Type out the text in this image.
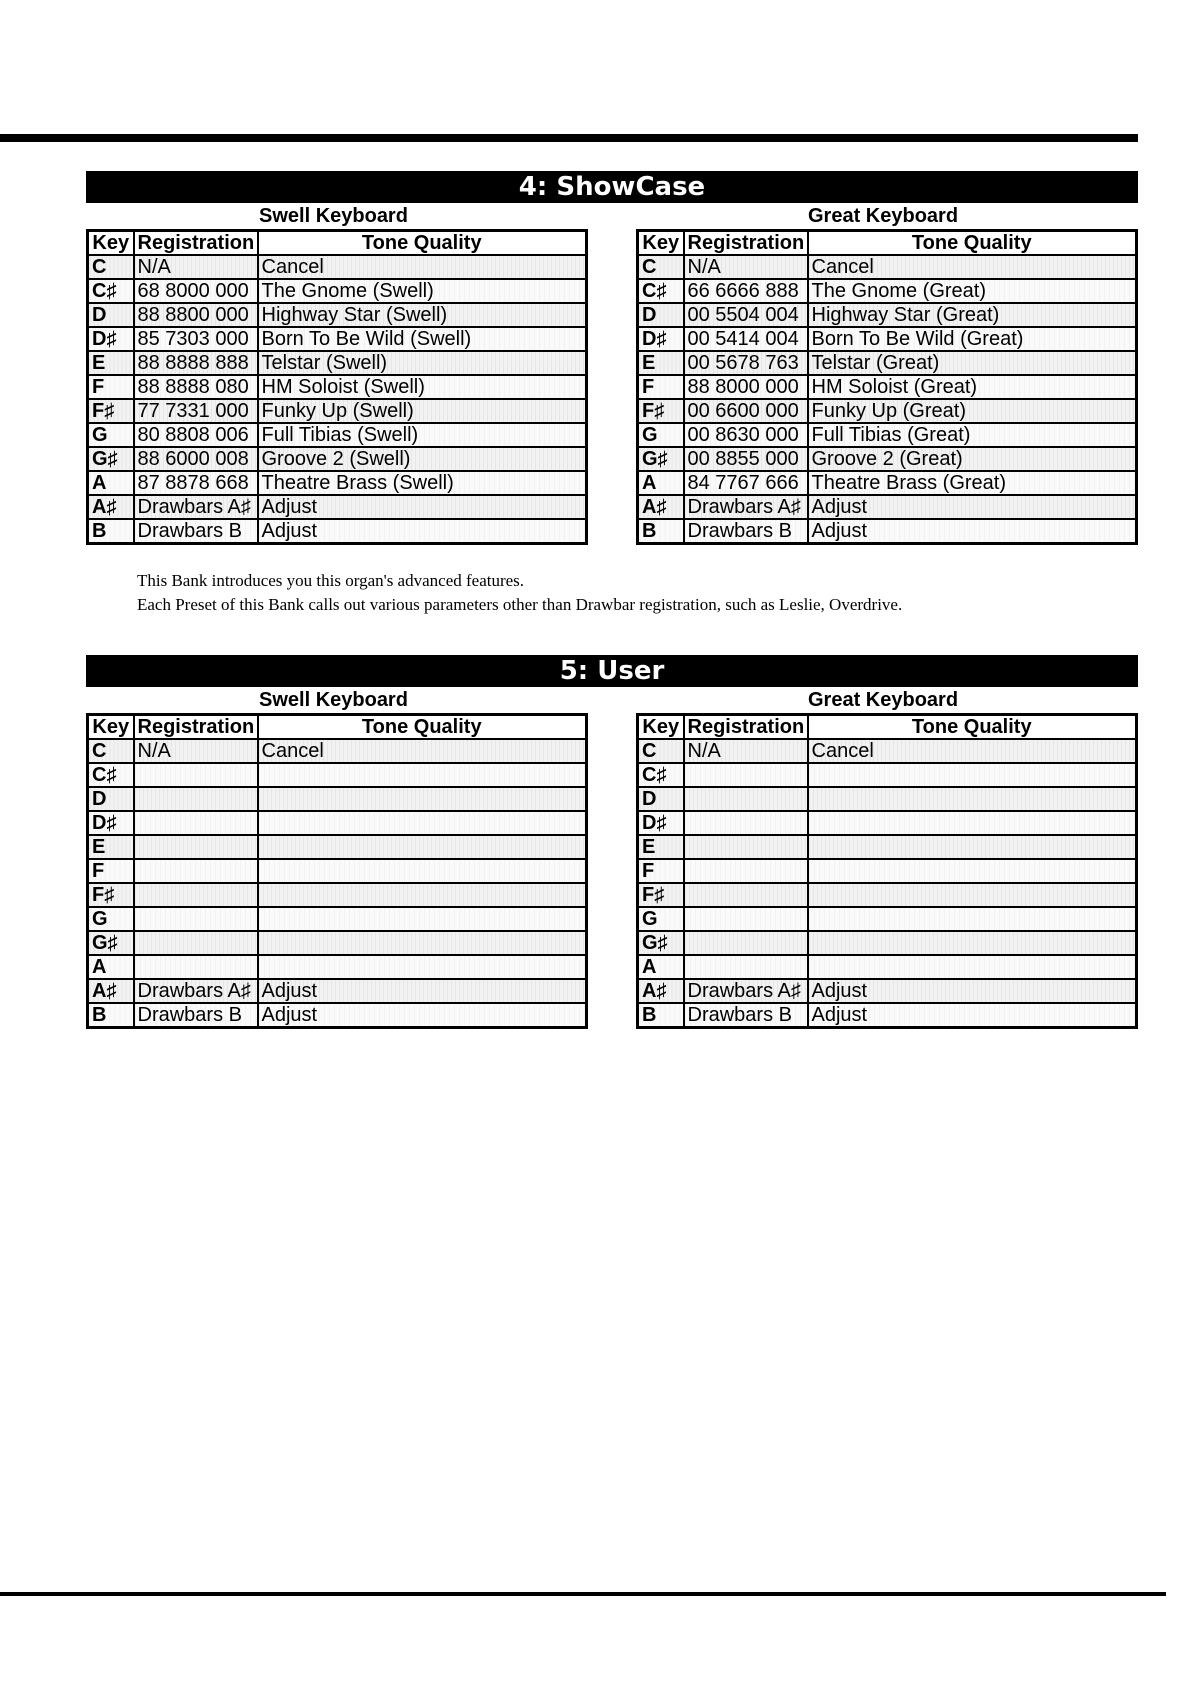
4: ShowCase
Swell Keyboard	Great Keyboard
Key	Registration	Tone Quality
C	N/A	Cancel
C♯	68 8000 000	The Gnome (Swell)
D	88 8800 000	Highway Star (Swell)
D♯	85 7303 000	Born To Be Wild (Swell)
E	88 8888 888	Telstar (Swell)
F	88 8888 080	HM Soloist (Swell)
F♯	77 7331 000	Funky Up (Swell)
G	80 8808 006	Full Tibias (Swell)
G♯	88 6000 008	Groove 2 (Swell)
A	87 8878 668	Theatre Brass (Swell)
A♯	Drawbars A♯	Adjust
B	Drawbars B	Adjust
Key	Registration	Tone Quality
C	N/A	Cancel
C♯	66 6666 888	The Gnome (Great)
D	00 5504 004	Highway Star (Great)
D♯	00 5414 004	Born To Be Wild (Great)
E	00 5678 763	Telstar (Great)
F	88 8000 000	HM Soloist (Great)
F♯	00 6600 000	Funky Up (Great)
G	00 8630 000	Full Tibias (Great)
G♯	00 8855 000	Groove 2 (Great)
A	84 7767 666	Theatre Brass (Great)
A♯	Drawbars A♯	Adjust
B	Drawbars B	Adjust
This Bank introduces you this organ's advanced features.
Each Preset of this Bank calls out various parameters other than Drawbar registration, such as Leslie, Overdrive.
5: User
Swell Keyboard	Great Keyboard
Key	Registration	Tone Quality
C	N/A	Cancel
C♯		
D		
D♯		
E		
F		
F♯		
G		
G♯		
A		
A♯	Drawbars A♯	Adjust
B	Drawbars B	Adjust
Key	Registration	Tone Quality
C	N/A	Cancel
C♯		
D		
D♯		
E		
F		
F♯		
G		
G♯		
A		
A♯	Drawbars A♯	Adjust
B	Drawbars B	Adjust
